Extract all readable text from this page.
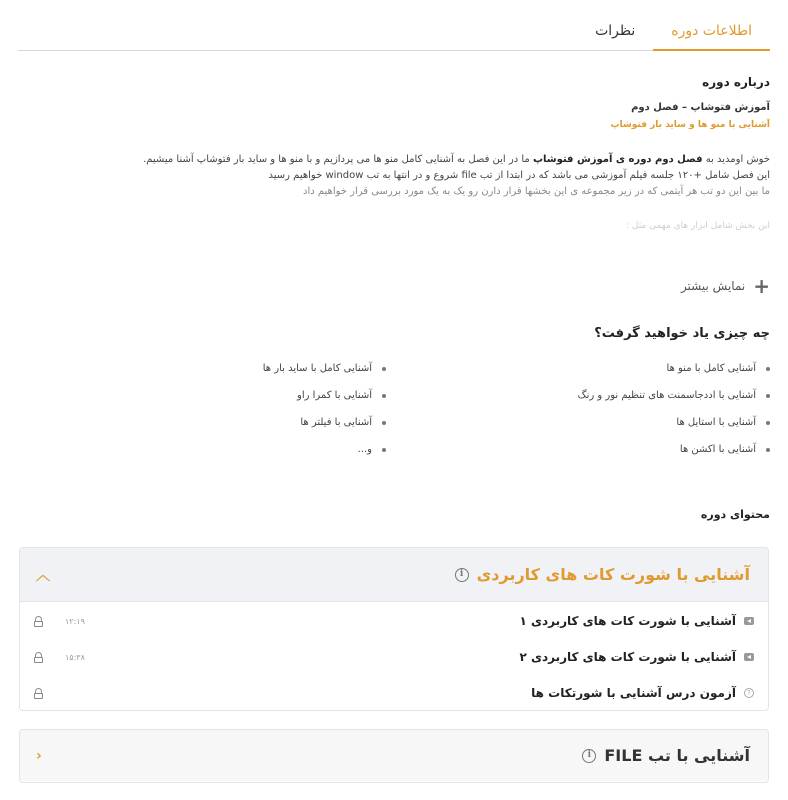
اطلاعات دوره
نظرات
درباره دوره
آموزش فتوشاپ – فصل دوم
آشنایی با منو ها و ساید بار فتوشاپ
خوش اومدید به فصل دوم دوره ی آموزش فتوشاپ ما در این فصل به آشنایی کامل منو ها می پردازیم و با منو ها و ساید بار فتوشاپ آشنا میشیم.
این فصل شامل +۱۲۰ جلسه فیلم آموزشی می باشد که در ابتدا از تب file شروع و در انتها به تب window خواهیم رسید
ما بین این دو تب هر آیتمی که در زیر مجموعه ی این بخشها قرار دارن رو یک به یک مورد بررسی قرار خواهیم داد
این بخش شامل ابزار های مهمی مثل :
+
نمایش بیشتر
چه چیزی یاد خواهید گرفت؟
آشنایی کامل با منو ها
آشنایی با اددجاسمنت های تنظیم نور و رنگ
آشنایی با استایل ها
آشنایی با اکشن ها
آشنایی کامل با ساید بار ها
آشنایی با کمرا راو
آشنایی با فیلتر ها
و...
محتوای دوره
آشنایی با شورت کات های کاربردی
i
︿
آشنایی با شورت کات های کاربردی ۱
۱۲:۱۹
آشنایی با شورت کات های کاربردی ۲
۱۵:۳۸
?
آزمون درس آشنایی با شورتکات ها
آشنایی با تب FILE
i
‹
